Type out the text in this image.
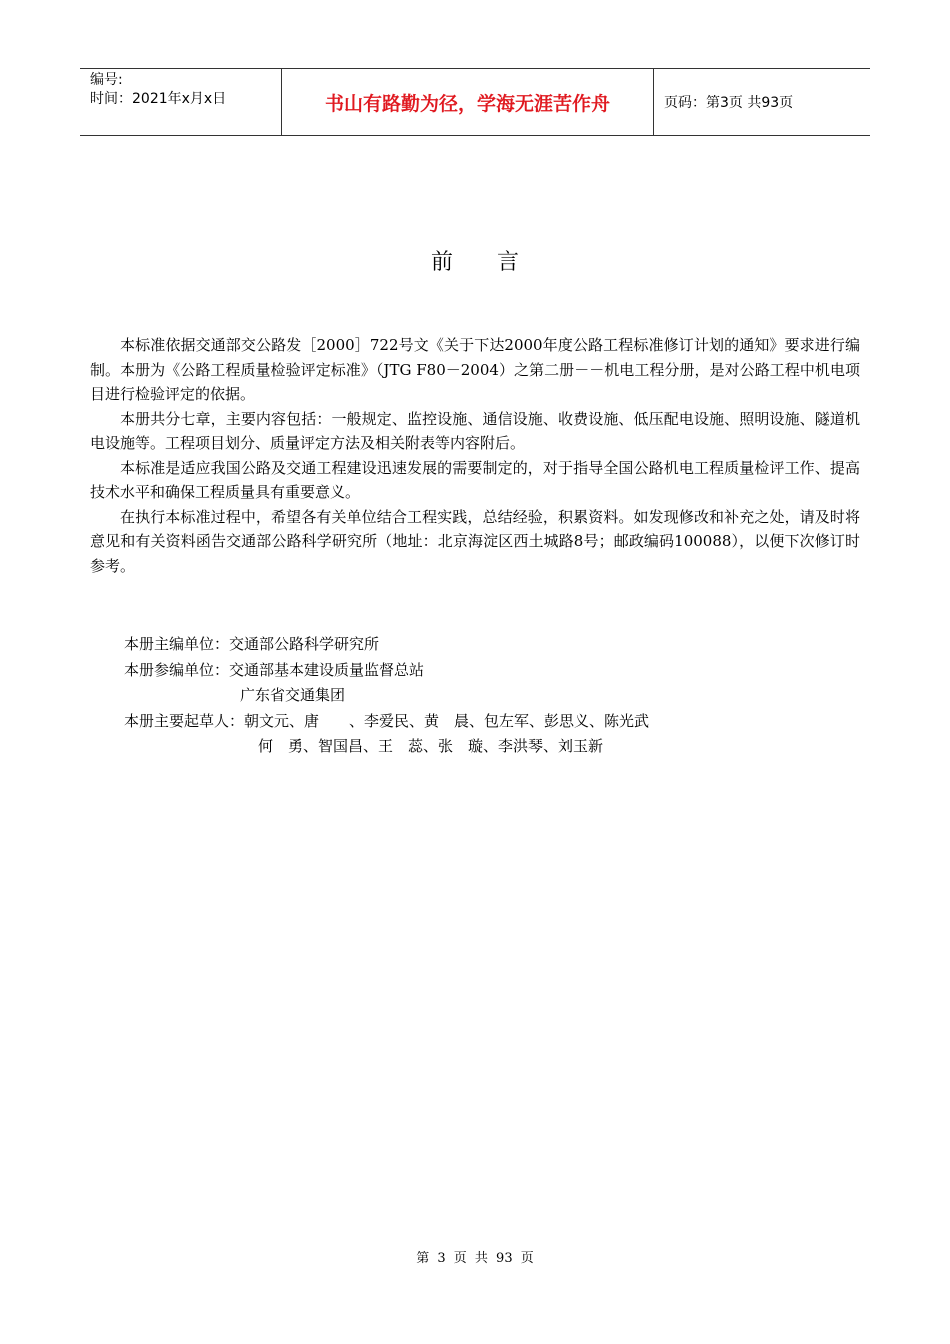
编号:
时间：2021年x月x日	书山有路勤为径，学海无涯苦作舟	页码：第3页 共93页
前言

本标准依据交通部交公路发［2000］722号文《关于下达2000年度公路工程标准修订计划的通知》要求进行编制。本册为《公路工程质量检验评定标准》（JTG F80－2004）之第二册－－机电工程分册，是对公路工程中机电项目进行检验评定的依据。

本册共分七章，主要内容包括：一般规定、监控设施、通信设施、收费设施、低压配电设施、照明设施、隧道机电设施等。工程项目划分、质量评定方法及相关附表等内容附后。

本标准是适应我国公路及交通工程建设迅速发展的需要制定的，对于指导全国公路机电工程质量检评工作、提高技术水平和确保工程质量具有重要意义。

在执行本标准过程中，希望各有关单位结合工程实践，总结经验，积累资料。如发现修改和补充之处，请及时将意见和有关资料函告交通部公路科学研究所（地址：北京海淀区西土城路8号；邮政编码100088），以便下次修订时参考。

本册主编单位：交通部公路科学研究所
本册参编单位：交通部基本建设质量监督总站
广东省交通集团
本册主要起草人：朝文元、唐　　、李爱民、黄　晨、包左军、彭思义、陈光武
何　勇、智国昌、王　蕊、张　璇、李洪琴、刘玉新
第 3 页 共 93 页
